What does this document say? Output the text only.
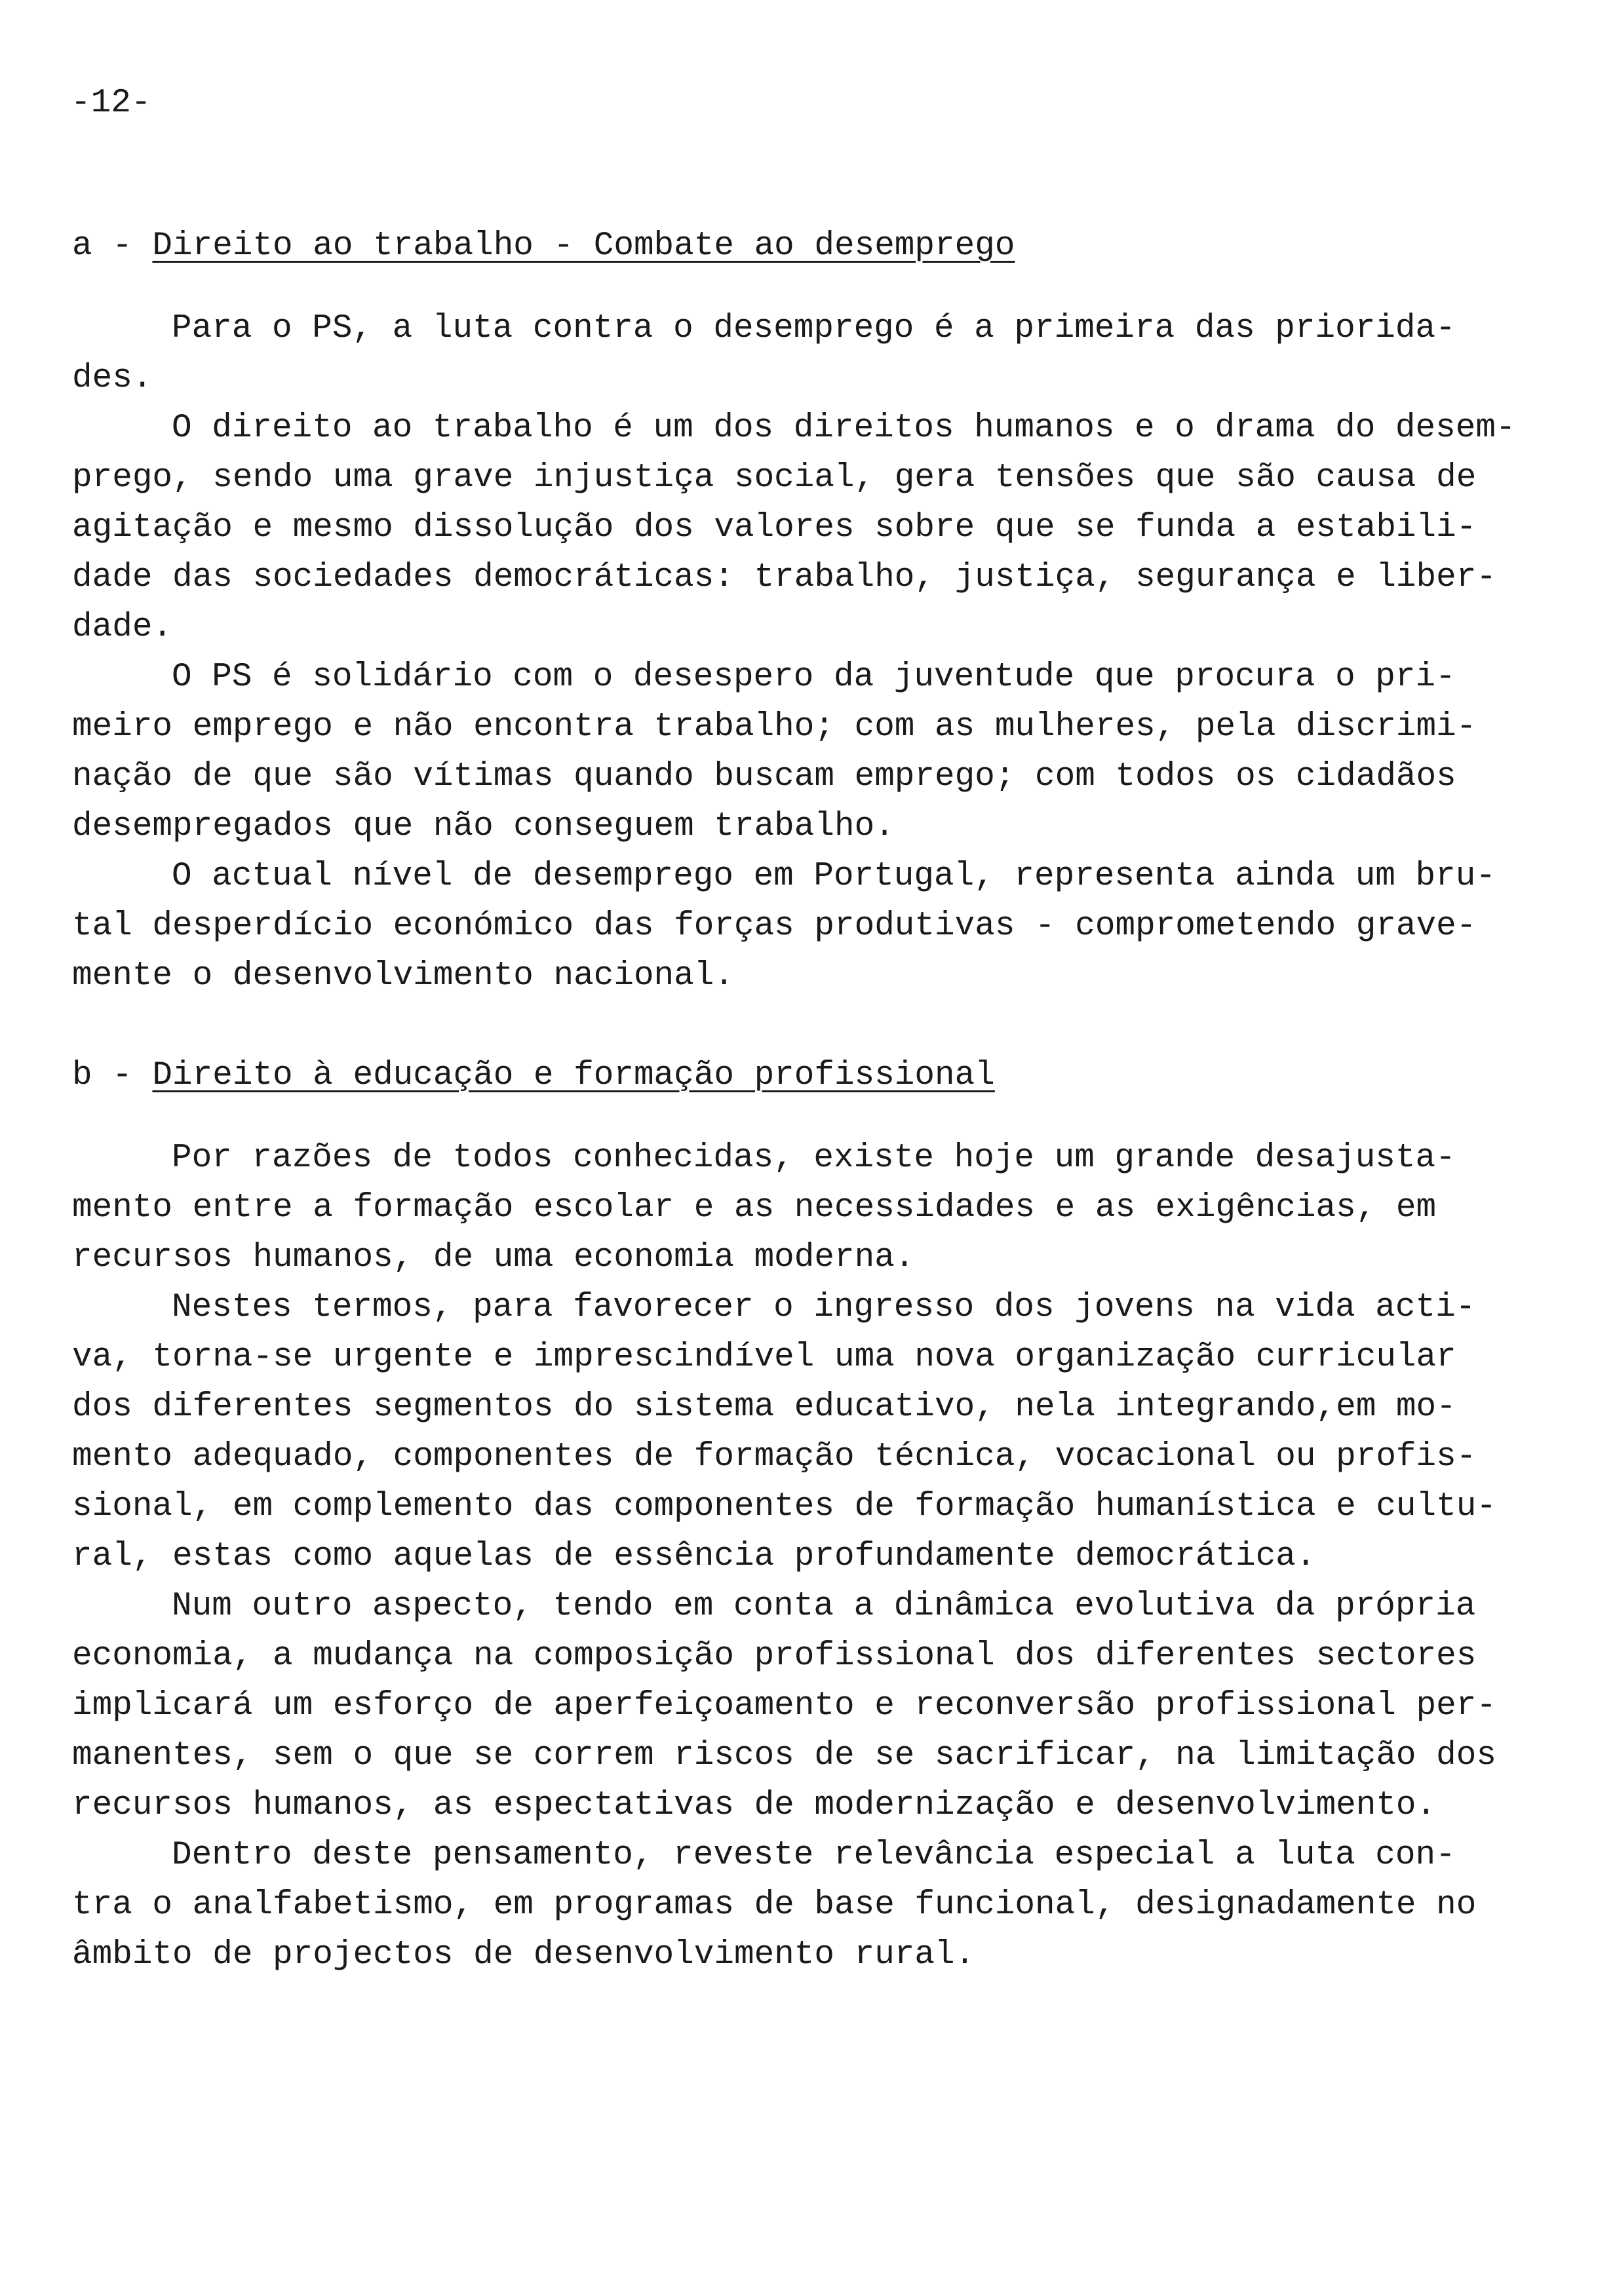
-12-
a - Direito ao trabalho - Combate ao desemprego
Para o PS, a luta contra o desemprego é a primeira das priorida-
des.
O direito ao trabalho é um dos direitos humanos e o drama do desem-
prego, sendo uma grave injustiça social, gera tensões que são causa de
agitação e mesmo dissolução dos valores sobre que se funda a estabili-
dade das sociedades democráticas: trabalho, justiça, segurança e liber-
dade.
O PS é solidário com o desespero da juventude que procura o pri-
meiro emprego e não encontra trabalho; com as mulheres, pela discrimi-
nação de que são vítimas quando buscam emprego; com todos os cidadãos
desempregados que não conseguem trabalho.
O actual nível de desemprego em Portugal, representa ainda um bru-
tal desperdício económico das forças produtivas - comprometendo grave-
mente o desenvolvimento nacional.
b - Direito à educação e formação profissional
Por razões de todos conhecidas, existe hoje um grande desajusta-
mento entre a formação escolar e as necessidades e as exigências, em
recursos humanos, de uma economia moderna.
Nestes termos, para favorecer o ingresso dos jovens na vida acti-
va, torna-se urgente e imprescindível uma nova organização curricular
dos diferentes segmentos do sistema educativo, nela integrando,em mo-
mento adequado, componentes de formação técnica, vocacional ou profis-
sional, em complemento das componentes de formação humanística e cultu-
ral, estas como aquelas de essência profundamente democrática.
Num outro aspecto, tendo em conta a dinâmica evolutiva da própria
economia, a mudança na composição profissional dos diferentes sectores
implicará um esforço de aperfeiçoamento e reconversão profissional per-
manentes, sem o que se correm riscos de se sacrificar, na limitação dos
recursos humanos, as espectativas de modernização e desenvolvimento.
Dentro deste pensamento, reveste relevância especial a luta con-
tra o analfabetismo, em programas de base funcional, designadamente no
âmbito de projectos de desenvolvimento rural.
